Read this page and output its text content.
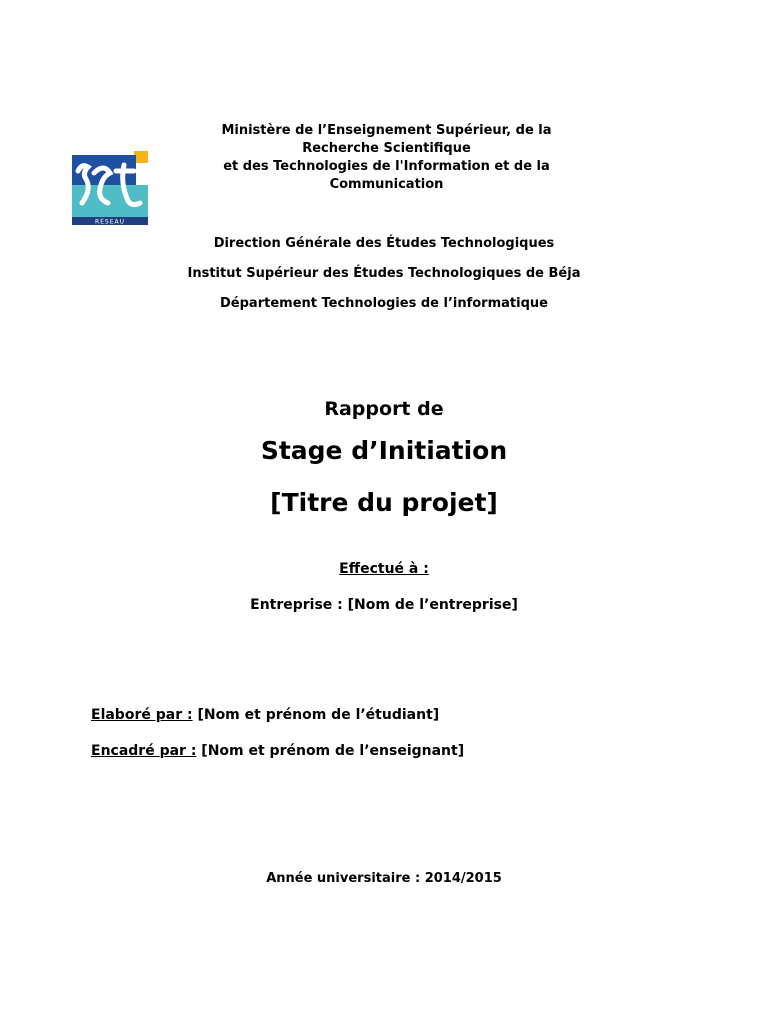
RÉSEAU
Ministère de l’Enseignement Supérieur, de la
Recherche Scientifique
et des Technologies de l'Information et de la
Communication
Direction Générale des Études Technologiques
Institut Supérieur des Études Technologiques de Béja
Département Technologies de l’informatique
Rapport de
Stage d’Initiation
[Titre du projet]
Effectué à :
Entreprise : [Nom de l’entreprise]
Elaboré par : [Nom et prénom de l’étudiant]
Encadré par : [Nom et prénom de l’enseignant]
Année universitaire : 2014/2015
